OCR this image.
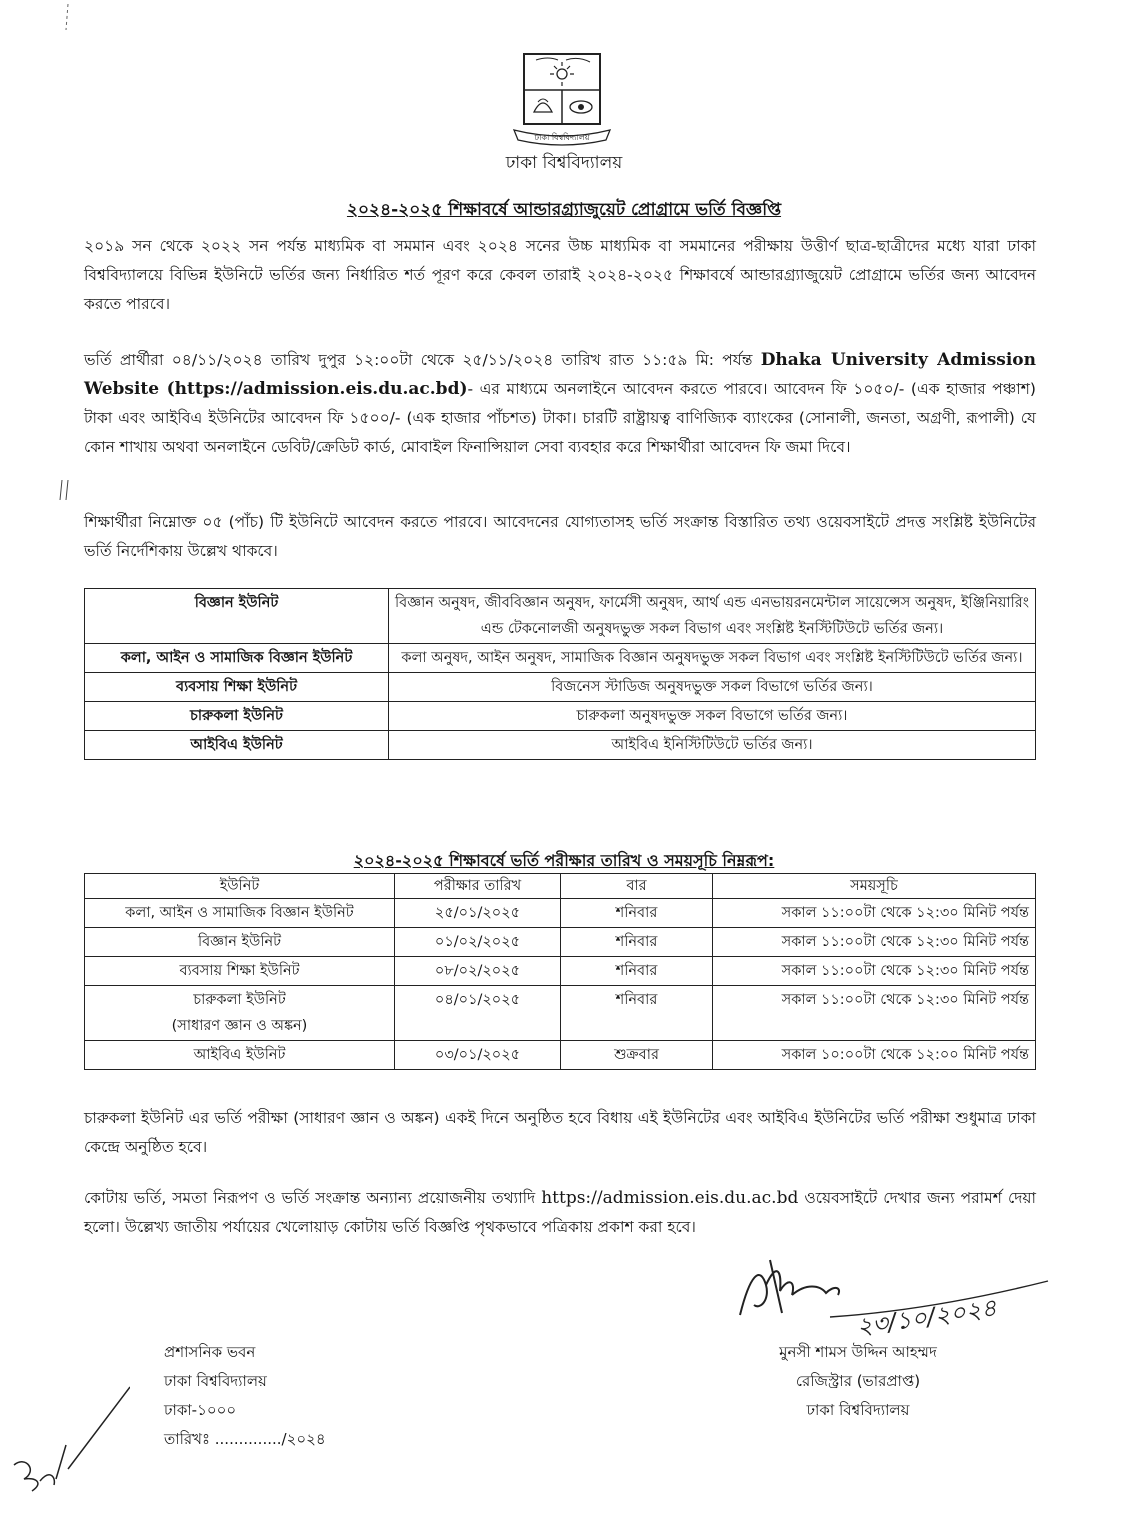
ঢাকা বিশ্ববিদ্যালয়
ঢাকা বিশ্ববিদ্যালয়
২০২৪-২০২৫ শিক্ষাবর্ষে আন্ডারগ্র্যাজুয়েট প্রোগ্রামে ভর্তি বিজ্ঞপ্তি

২০১৯ সন থেকে ২০২২ সন পর্যন্ত মাধ্যমিক বা সমমান এবং ২০২৪ সনের উচ্চ মাধ্যমিক বা সমমানের পরীক্ষায় উত্তীর্ণ ছাত্র-ছাত্রীদের মধ্যে যারা ঢাকা বিশ্ববিদ্যালয়ে বিভিন্ন ইউনিটে ভর্তির জন্য নির্ধারিত শর্ত পূরণ করে কেবল তারাই ২০২৪-২০২৫ শিক্ষাবর্ষে আন্ডারগ্র্যাজুয়েট প্রোগ্রামে ভর্তির জন্য আবেদন করতে পারবে।

ভর্তি প্রার্থীরা ০৪/১১/২০২৪ তারিখ দুপুর ১২:০০টা থেকে ২৫/১১/২০২৪ তারিখ রাত ১১:৫৯ মি: পর্যন্ত Dhaka University Admission Website (https://admission.eis.du.ac.bd)- এর মাধ্যমে অনলাইনে আবেদন করতে পারবে। আবেদন ফি ১০৫০/- (এক হাজার পঞ্চাশ) টাকা এবং আইবিএ ইউনিটের আবেদন ফি ১৫০০/- (এক হাজার পাঁচশত) টাকা। চারটি রাষ্ট্রায়ত্ব বাণিজ্যিক ব্যাংকের (সোনালী, জনতা, অগ্রণী, রূপালী) যে কোন শাখায় অথবা অনলাইনে ডেবিট/ক্রেডিট কার্ড, মোবাইল ফিনান্সিয়াল সেবা ব্যবহার করে শিক্ষার্থীরা আবেদন ফি জমা দিবে।

শিক্ষার্থীরা নিম্নোক্ত ০৫ (পাঁচ) টি ইউনিটে আবেদন করতে পারবে। আবেদনের যোগ্যতাসহ ভর্তি সংক্রান্ত বিস্তারিত তথ্য ওয়েবসাইটে প্রদত্ত সংশ্লিষ্ট ইউনিটের ভর্তি নির্দেশিকায় উল্লেখ থাকবে।

বিজ্ঞান ইউনিট	বিজ্ঞান অনুষদ, জীববিজ্ঞান অনুষদ, ফার্মেসী অনুষদ, আর্থ এন্ড এনভায়রনমেন্টাল সায়েন্সেস অনুষদ, ইঞ্জিনিয়ারিং এন্ড টেকনোলজী অনুষদভুক্ত সকল বিভাগ এবং সংশ্লিষ্ট ইনস্টিটিউটে ভর্তির জন্য।
কলা, আইন ও সামাজিক বিজ্ঞান ইউনিট	কলা অনুষদ, আইন অনুষদ, সামাজিক বিজ্ঞান অনুষদভুক্ত সকল বিভাগ এবং সংশ্লিষ্ট ইনস্টিটিউটে ভর্তির জন্য।
ব্যবসায় শিক্ষা ইউনিট	বিজনেস স্টাডিজ অনুষদভুক্ত সকল বিভাগে ভর্তির জন্য।
চারুকলা ইউনিট	চারুকলা অনুষদভুক্ত সকল বিভাগে ভর্তির জন্য।
আইবিএ ইউনিট	আইবিএ ইনিস্টিটিউটে ভর্তির জন্য।
২০২৪-২০২৫ শিক্ষাবর্ষে ভর্তি পরীক্ষার তারিখ ও সময়সূচি নিম্নরূপ:
ইউনিট	পরীক্ষার তারিখ	বার	সময়সূচি

কলা, আইন ও সামাজিক বিজ্ঞান ইউনিট	২৫/০১/২০২৫	শনিবার	সকাল ১১:০০টা থেকে ১২:৩০ মিনিট পর্যন্ত

বিজ্ঞান ইউনিট	০১/০২/২০২৫	শনিবার	সকাল ১১:০০টা থেকে ১২:৩০ মিনিট পর্যন্ত

ব্যবসায় শিক্ষা ইউনিট	০৮/০২/২০২৫	শনিবার	সকাল ১১:০০টা থেকে ১২:৩০ মিনিট পর্যন্ত

চারুকলা ইউনিট
(সাধারণ জ্ঞান ও অঙ্কন)	০৪/০১/২০২৫	শনিবার	সকাল ১১:০০টা থেকে ১২:৩০ মিনিট পর্যন্ত

আইবিএ ইউনিট	০৩/০১/২০২৫	শুক্রবার	সকাল ১০:০০টা থেকে ১২:০০ মিনিট পর্যন্ত

চারুকলা ইউনিট এর ভর্তি পরীক্ষা (সাধারণ জ্ঞান ও অঙ্কন) একই দিনে অনুষ্ঠিত হবে বিধায় এই ইউনিটের এবং আইবিএ ইউনিটের ভর্তি পরীক্ষা শুধুমাত্র ঢাকা কেন্দ্রে অনুষ্ঠিত হবে।

কোটায় ভর্তি, সমতা নিরূপণ ও ভর্তি সংক্রান্ত অন্যান্য প্রয়োজনীয় তথ্যাদি https://admission.eis.du.ac.bd ওয়েবসাইটে দেখার জন্য পরামর্শ দেয়া হলো। উল্লেখ্য জাতীয় পর্যায়ের খেলোয়াড় কোটায় ভর্তি বিজ্ঞপ্তি পৃথকভাবে পত্রিকায় প্রকাশ করা হবে।

২৩/১০/২০২৪
প্রশাসনিক ভবন
ঢাকা বিশ্ববিদ্যালয়
ঢাকা-১০০০
তারিখঃ ............../২০২৪
মুনসী শামস উদ্দিন আহম্মদ
রেজিস্ট্রার (ভারপ্রাপ্ত)
ঢাকা বিশ্ববিদ্যালয়
